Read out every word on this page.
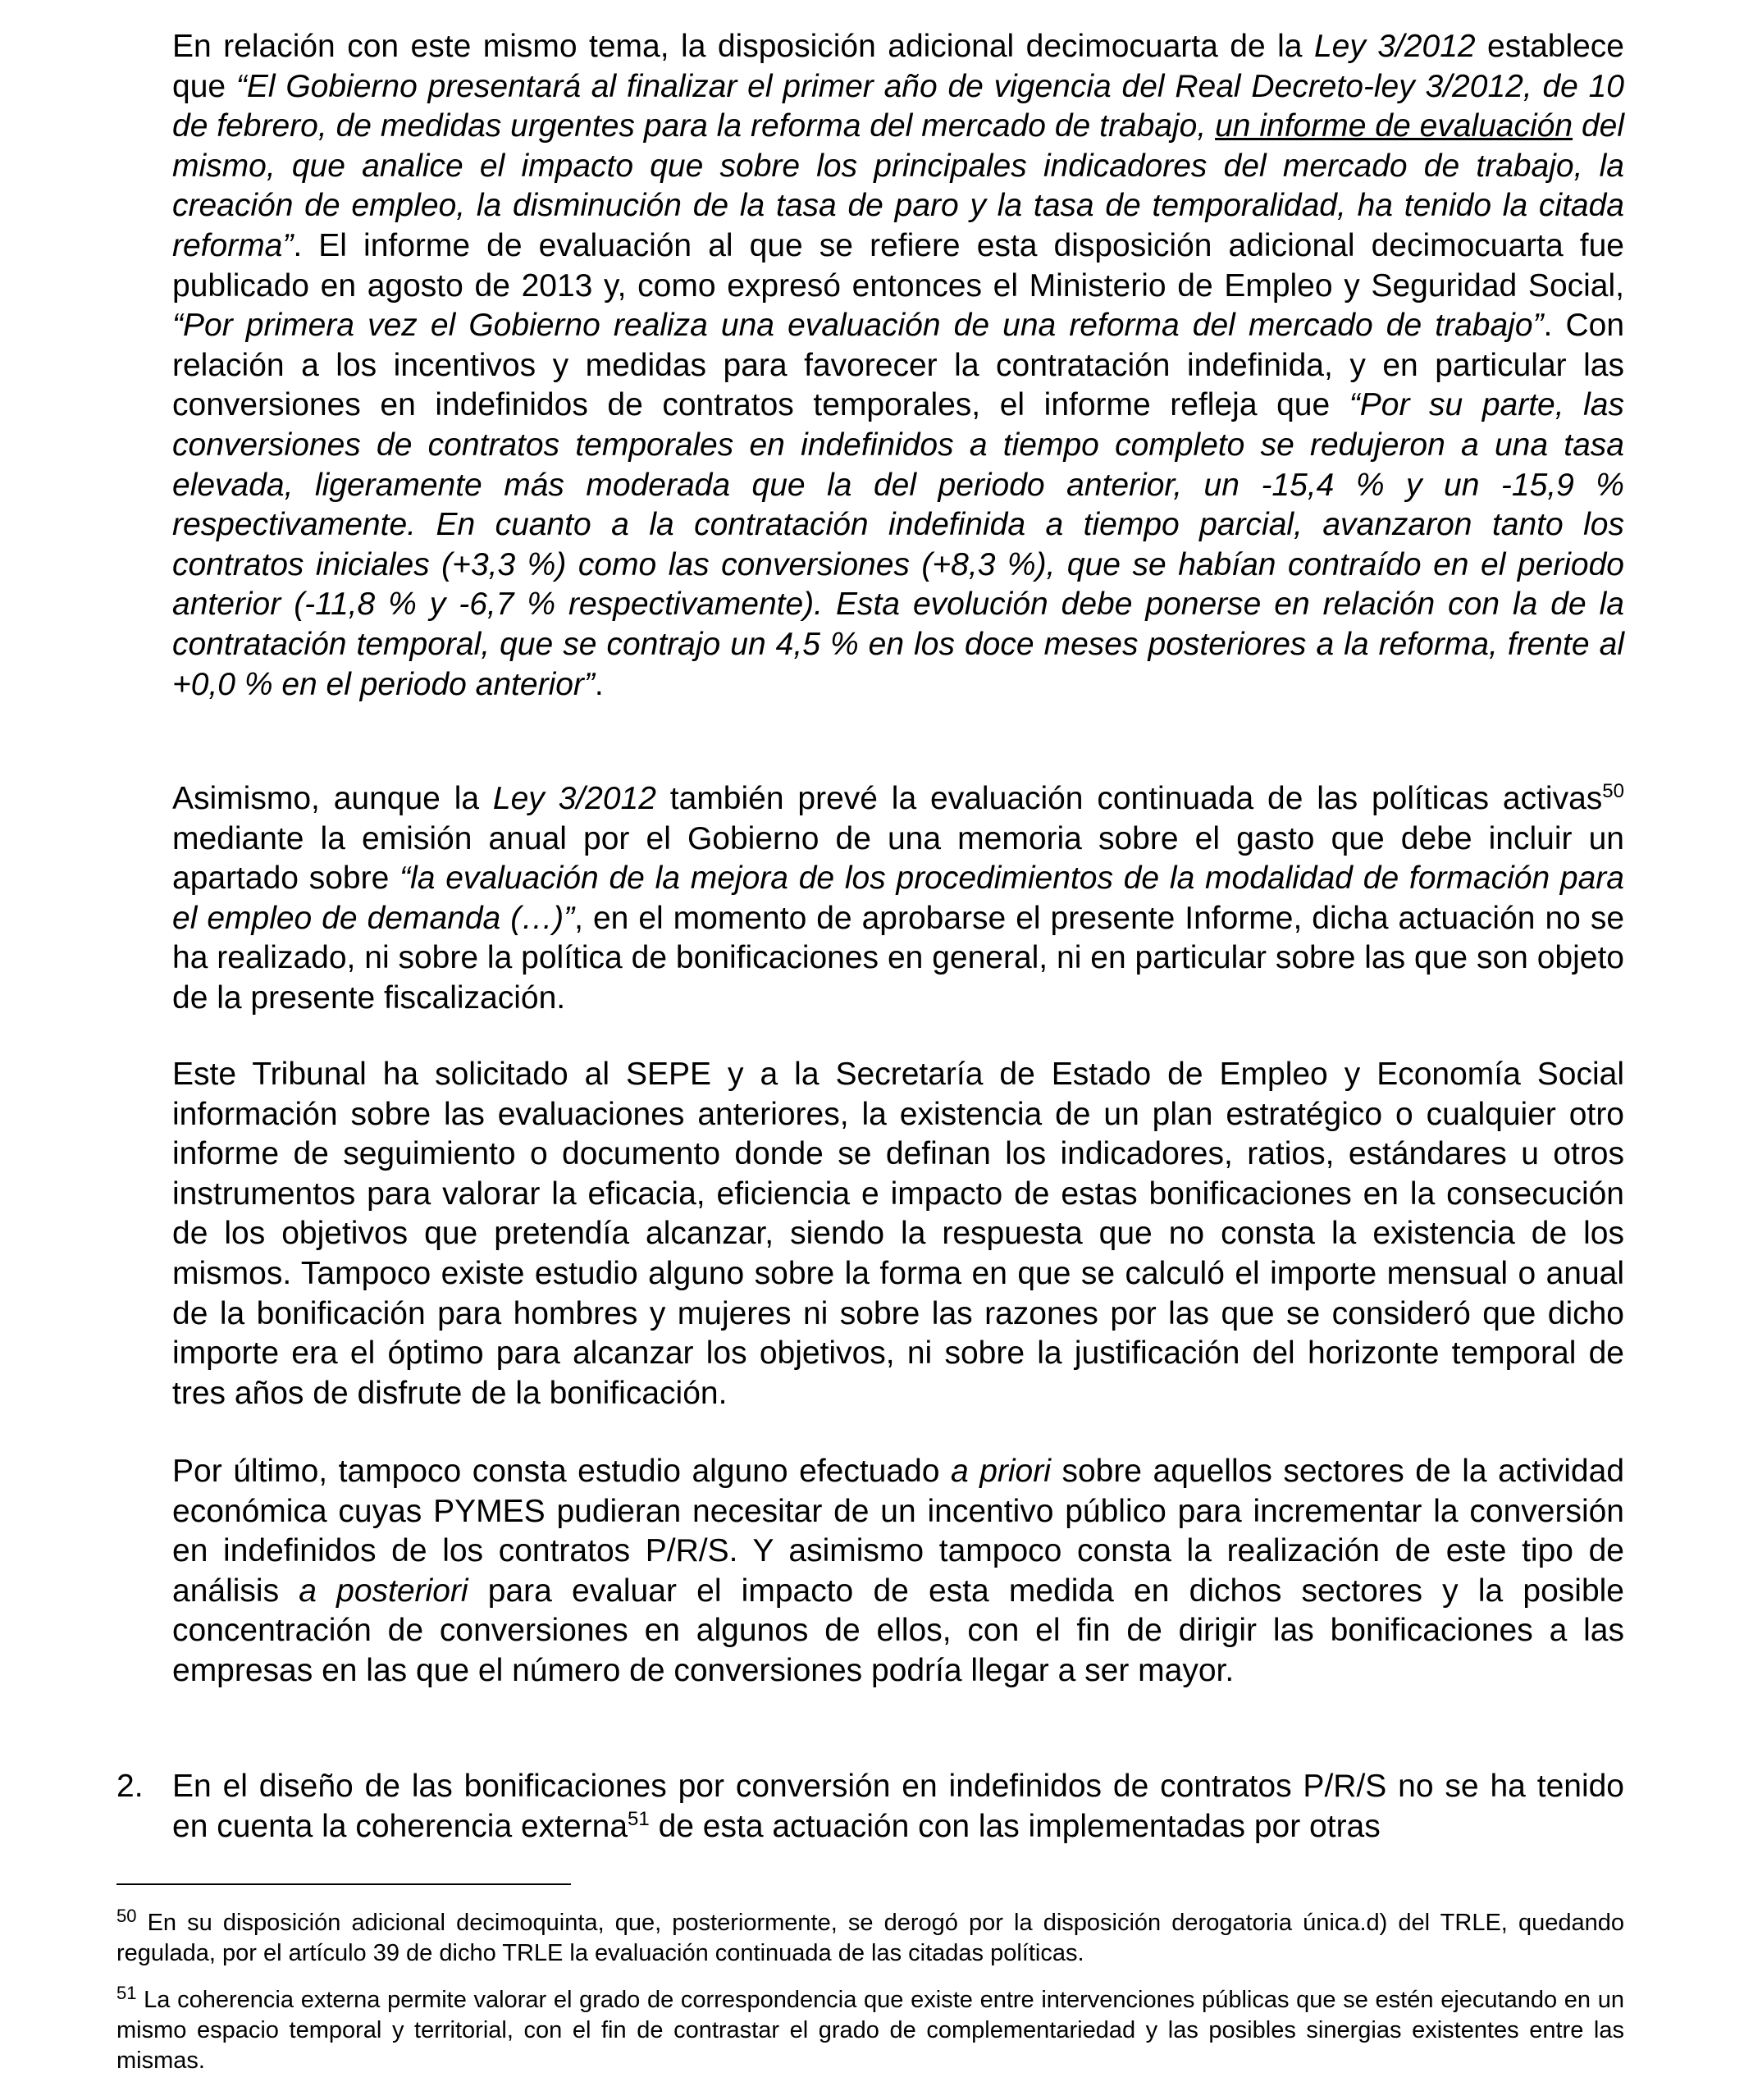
En relación con este mismo tema, la disposición adicional decimocuarta de la Ley 3/2012 establece que “El Gobierno presentará al finalizar el primer año de vigencia del Real Decreto-ley 3/2012, de 10 de febrero, de medidas urgentes para la reforma del mercado de trabajo, un informe de evaluación del mismo, que analice el impacto que sobre los principales indicadores del mercado de trabajo, la creación de empleo, la disminución de la tasa de paro y la tasa de temporalidad, ha tenido la citada reforma”. El informe de evaluación al que se refiere esta disposición adicional decimocuarta fue publicado en agosto de 2013 y, como expresó entonces el Ministerio de Empleo y Seguridad Social, “Por primera vez el Gobierno realiza una evaluación de una reforma del mercado de trabajo”. Con relación a los incentivos y medidas para favorecer la contratación indefinida, y en particular las conversiones en indefinidos de contratos temporales, el informe refleja que “Por su parte, las conversiones de contratos temporales en indefinidos a tiempo completo se redujeron a una tasa elevada, ligeramente más moderada que la del periodo anterior, un -15,4 % y un -15,9 % respectivamente. En cuanto a la contratación indefinida a tiempo parcial, avanzaron tanto los contratos iniciales (+3,3 %) como las conversiones (+8,3 %), que se habían contraído en el periodo anterior (-11,8 % y -6,7 % respectivamente). Esta evolución debe ponerse en relación con la de la contratación temporal, que se contrajo un 4,5 % en los doce meses posteriores a la reforma, frente al +0,0 % en el periodo anterior”.

Asimismo, aunque la Ley 3/2012 también prevé la evaluación continuada de las políticas activas$^{50}$ mediante la emisión anual por el Gobierno de una memoria sobre el gasto que debe incluir un apartado sobre “la evaluación de la mejora de los procedimientos de la modalidad de formación para el empleo de demanda (…)”, en el momento de aprobarse el presente Informe, dicha actuación no se ha realizado, ni sobre la política de bonificaciones en general, ni en particular sobre las que son objeto de la presente fiscalización.

Este Tribunal ha solicitado al SEPE y a la Secretaría de Estado de Empleo y Economía Social información sobre las evaluaciones anteriores, la existencia de un plan estratégico o cualquier otro informe de seguimiento o documento donde se definan los indicadores, ratios, estándares u otros instrumentos para valorar la eficacia, eficiencia e impacto de estas bonificaciones en la consecución de los objetivos que pretendía alcanzar, siendo la respuesta que no consta la existencia de los mismos. Tampoco existe estudio alguno sobre la forma en que se calculó el importe mensual o anual de la bonificación para hombres y mujeres ni sobre las razones por las que se consideró que dicho importe era el óptimo para alcanzar los objetivos, ni sobre la justificación del horizonte temporal de tres años de disfrute de la bonificación.

Por último, tampoco consta estudio alguno efectuado a priori sobre aquellos sectores de la actividad económica cuyas PYMES pudieran necesitar de un incentivo público para incrementar la conversión en indefinidos de los contratos P/R/S. Y asimismo tampoco consta la realización de este tipo de análisis a posteriori para evaluar el impacto de esta medida en dichos sectores y la posible concentración de conversiones en algunos de ellos, con el fin de dirigir las bonificaciones a las empresas en las que el número de conversiones podría llegar a ser mayor.

2. En el diseño de las bonificaciones por conversión en indefinidos de contratos P/R/S no se ha tenido en cuenta la coherencia externa$^{51}$ de esta actuación con las implementadas por otras

$^{50}$ En su disposición adicional decimoquinta, que, posteriormente, se derogó por la disposición derogatoria única.d) del TRLE, quedando regulada, por el artículo 39 de dicho TRLE la evaluación continuada de las citadas políticas.

$^{51}$ La coherencia externa permite valorar el grado de correspondencia que existe entre intervenciones públicas que se estén ejecutando en un mismo espacio temporal y territorial, con el fin de contrastar el grado de complementariedad y las posibles sinergias existentes entre las mismas.
